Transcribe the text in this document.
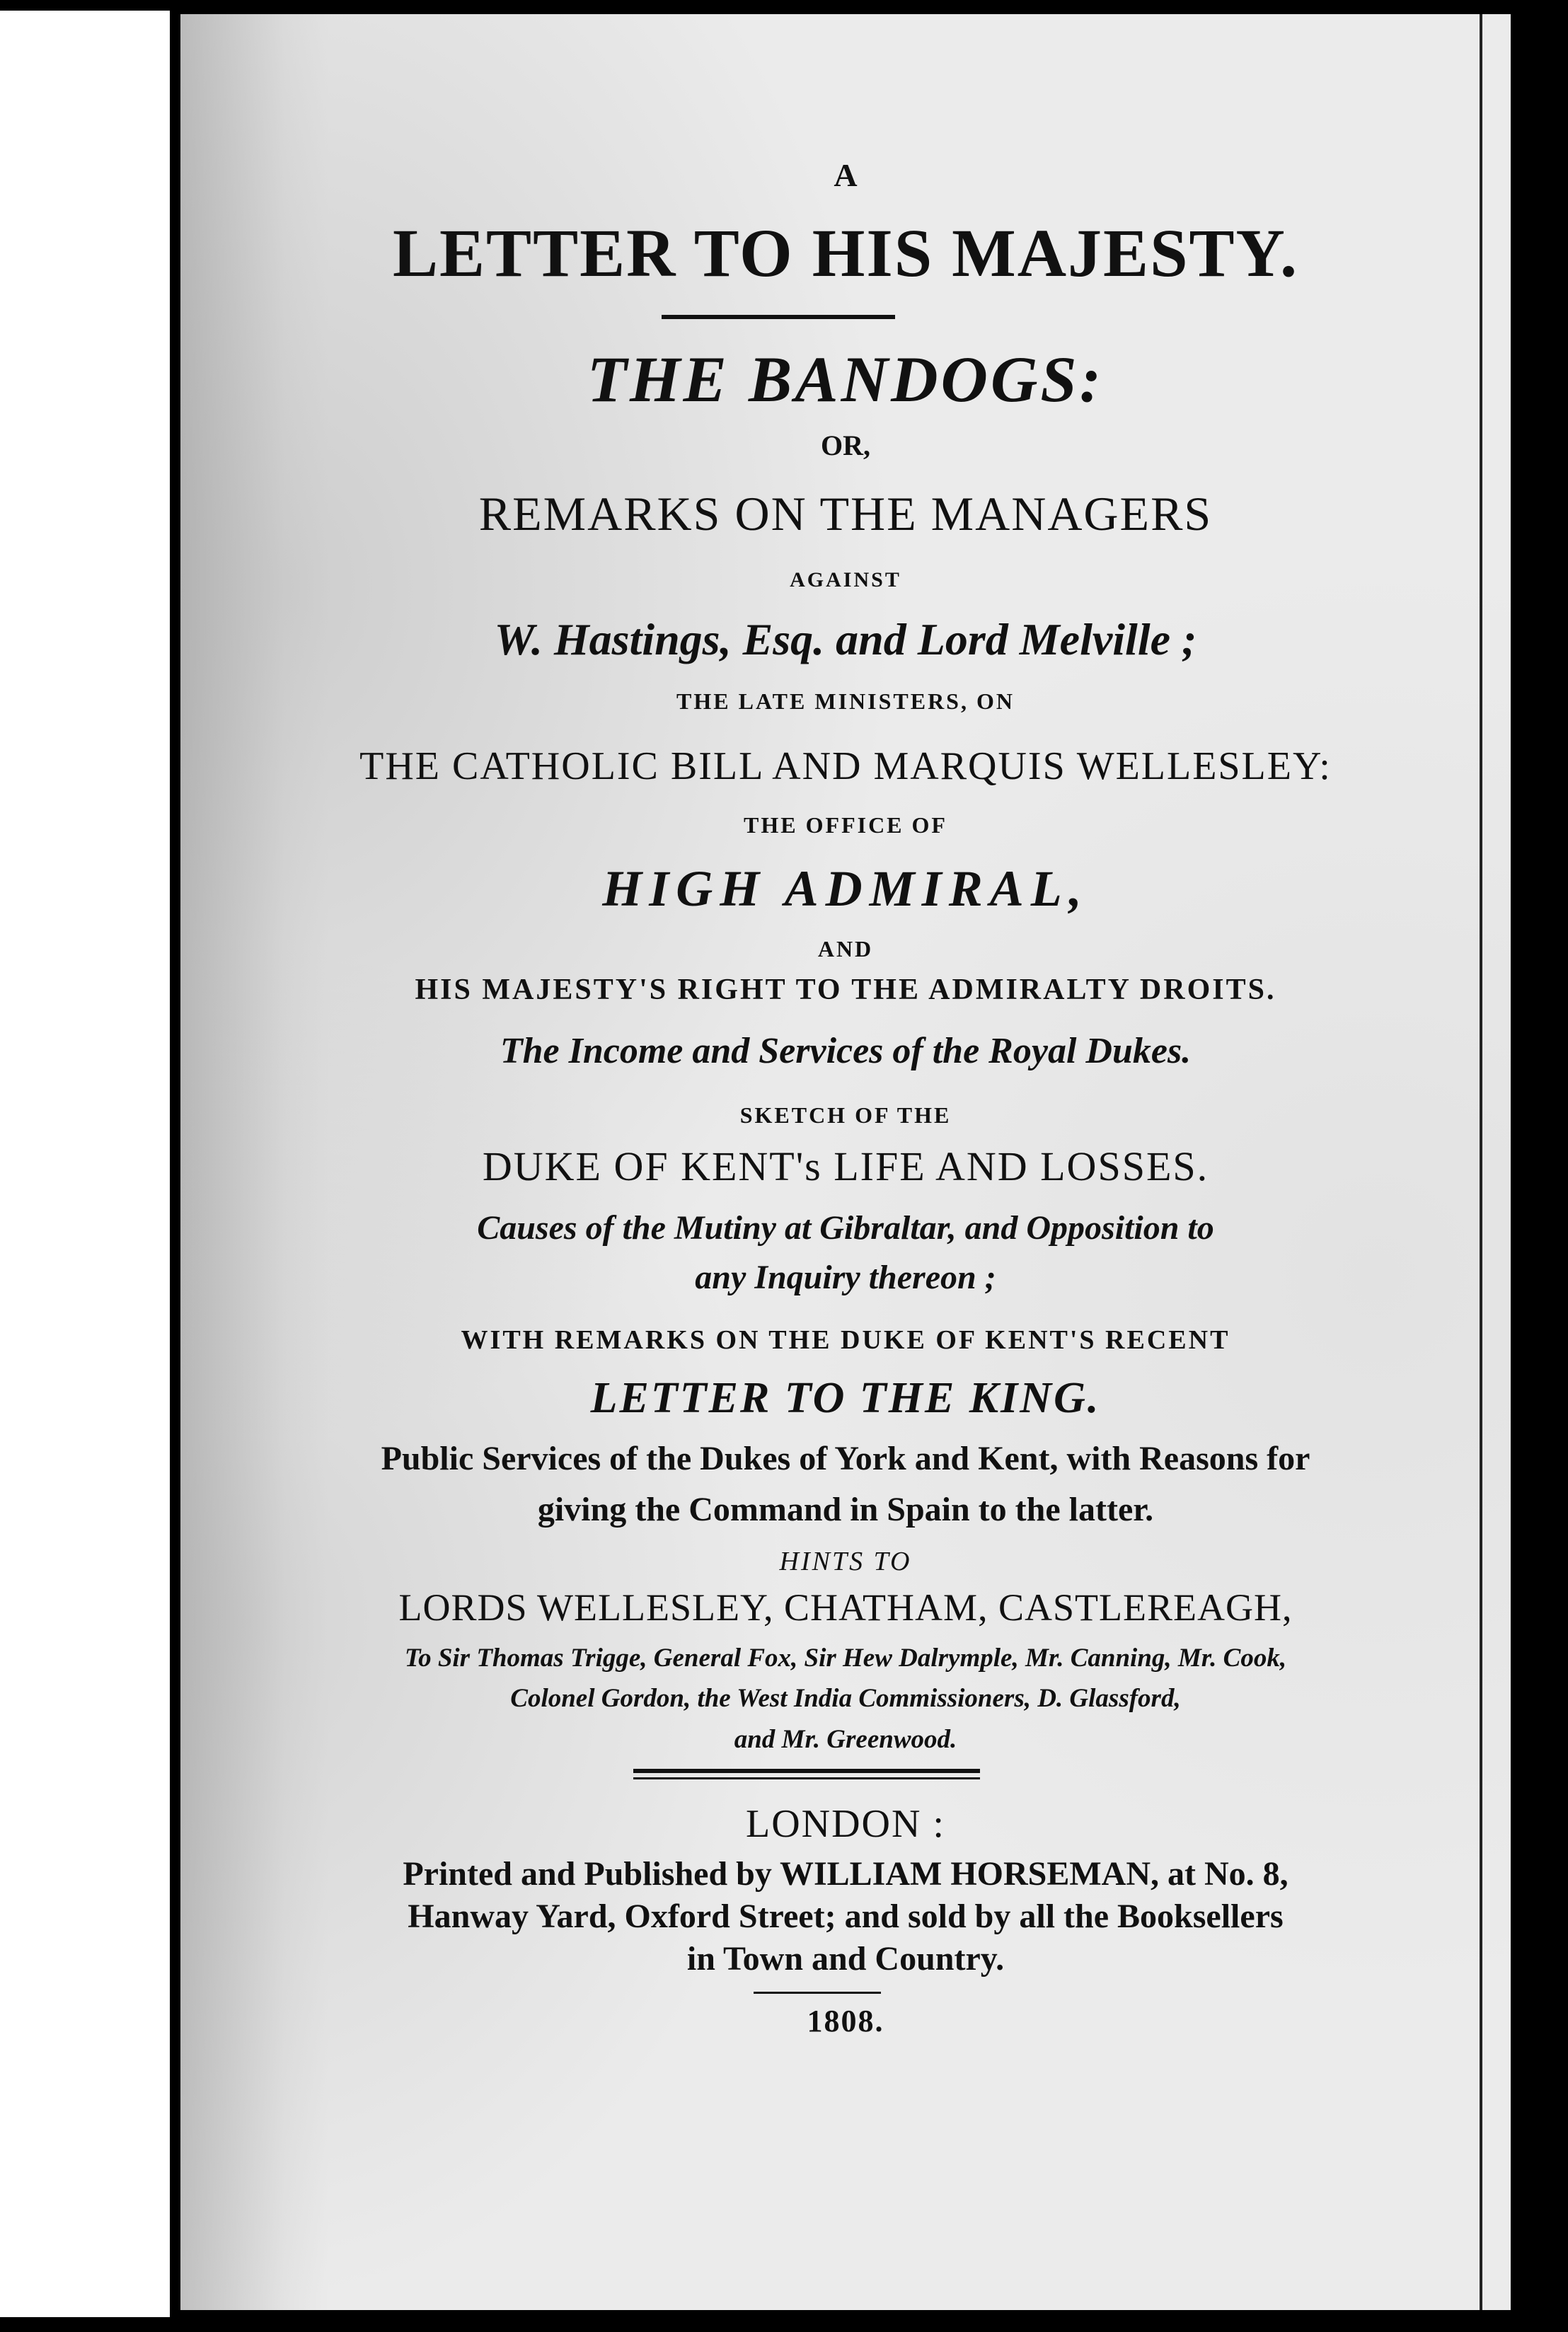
A
LETTER TO HIS MAJESTY.
THE BANDOGS:
OR,
REMARKS ON THE MANAGERS
AGAINST
W. Hastings, Esq. and Lord Melville ;
THE LATE MINISTERS, ON
THE CATHOLIC BILL AND MARQUIS WELLESLEY:
THE OFFICE OF
HIGH ADMIRAL,
AND
HIS MAJESTY'S RIGHT TO THE ADMIRALTY DROITS.
The Income and Services of the Royal Dukes.
SKETCH OF THE
DUKE OF KENT's LIFE AND LOSSES.
Causes of the Mutiny at Gibraltar, and Opposition to
any Inquiry thereon ;
WITH REMARKS ON THE DUKE OF KENT'S RECENT
LETTER TO THE KING.
Public Services of the Dukes of York and Kent, with Reasons for
giving the Command in Spain to the latter.
HINTS TO
LORDS WELLESLEY, CHATHAM, CASTLEREAGH,
To Sir Thomas Trigge, General Fox, Sir Hew Dalrymple, Mr. Canning, Mr. Cook,
Colonel Gordon, the West India Commissioners, D. Glassford,
and Mr. Greenwood.
LONDON :
Printed and Published by WILLIAM HORSEMAN, at No. 8,
Hanway Yard, Oxford Street; and sold by all the Booksellers
in Town and Country.
1808.
